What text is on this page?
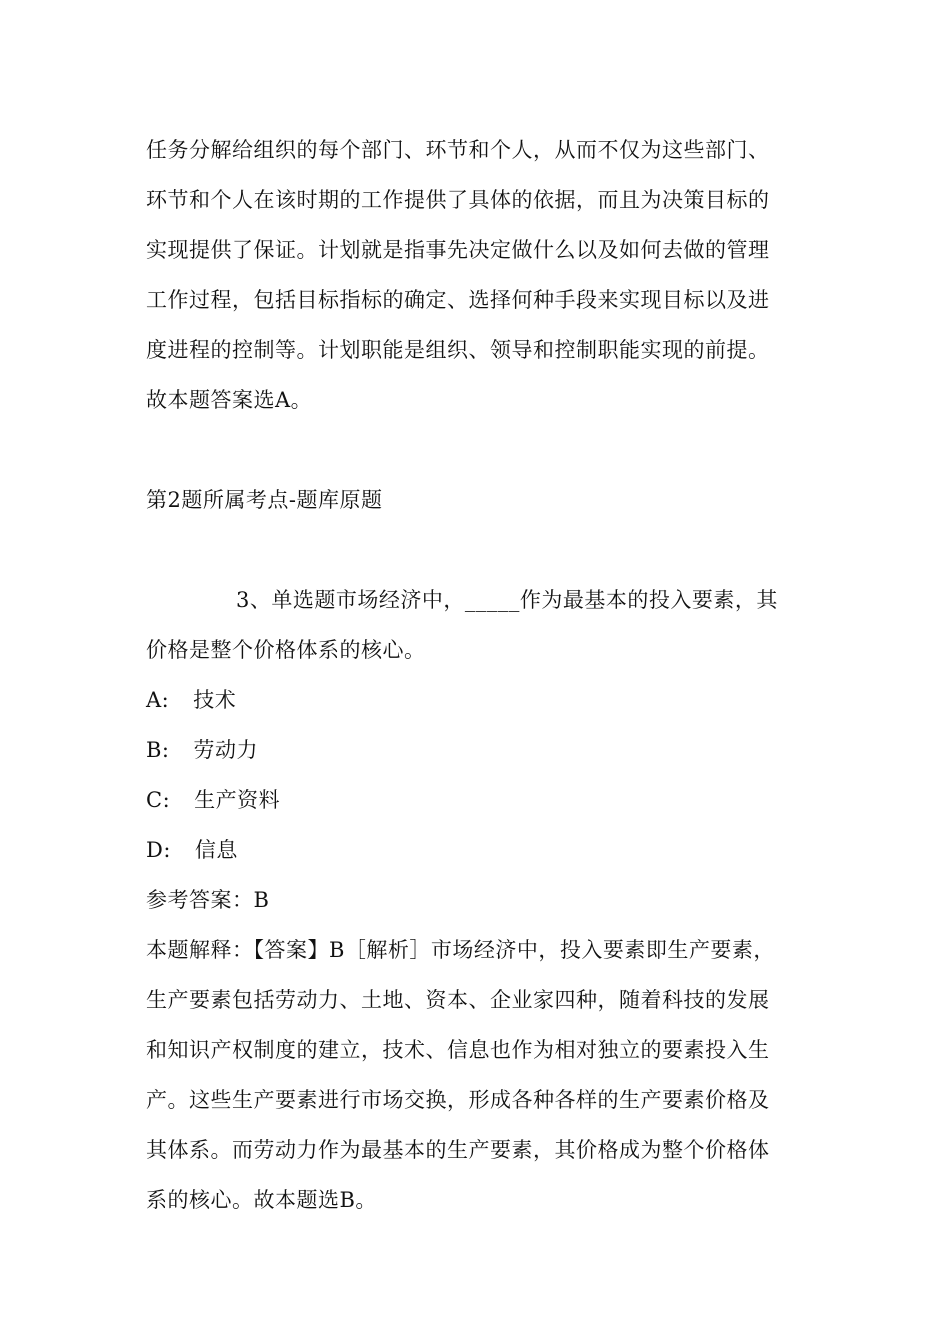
任务分解给组织的每个部门、环节和个人，从而不仅为这些部门、
环节和个人在该时期的工作提供了具体的依据，而且为决策目标的
实现提供了保证。计划就是指事先决定做什么以及如何去做的管理
工作过程，包括目标指标的确定、选择何种手段来实现目标以及进
度进程的控制等。计划职能是组织、领导和控制职能实现的前提。
故本题答案选A。
第2题所属考点-题库原题
3、单选题市场经济中，_____作为最基本的投入要素，其
价格是整个价格体系的核心。
A: 技术
B: 劳动力
C: 生产资料
D: 信息
参考答案：B
本题解释：【答案】B［解析］市场经济中，投入要素即生产要素，
生产要素包括劳动力、土地、资本、企业家四种，随着科技的发展
和知识产权制度的建立，技术、信息也作为相对独立的要素投入生
产。这些生产要素进行市场交换，形成各种各样的生产要素价格及
其体系。而劳动力作为最基本的生产要素，其价格成为整个价格体
系的核心。故本题选B。
